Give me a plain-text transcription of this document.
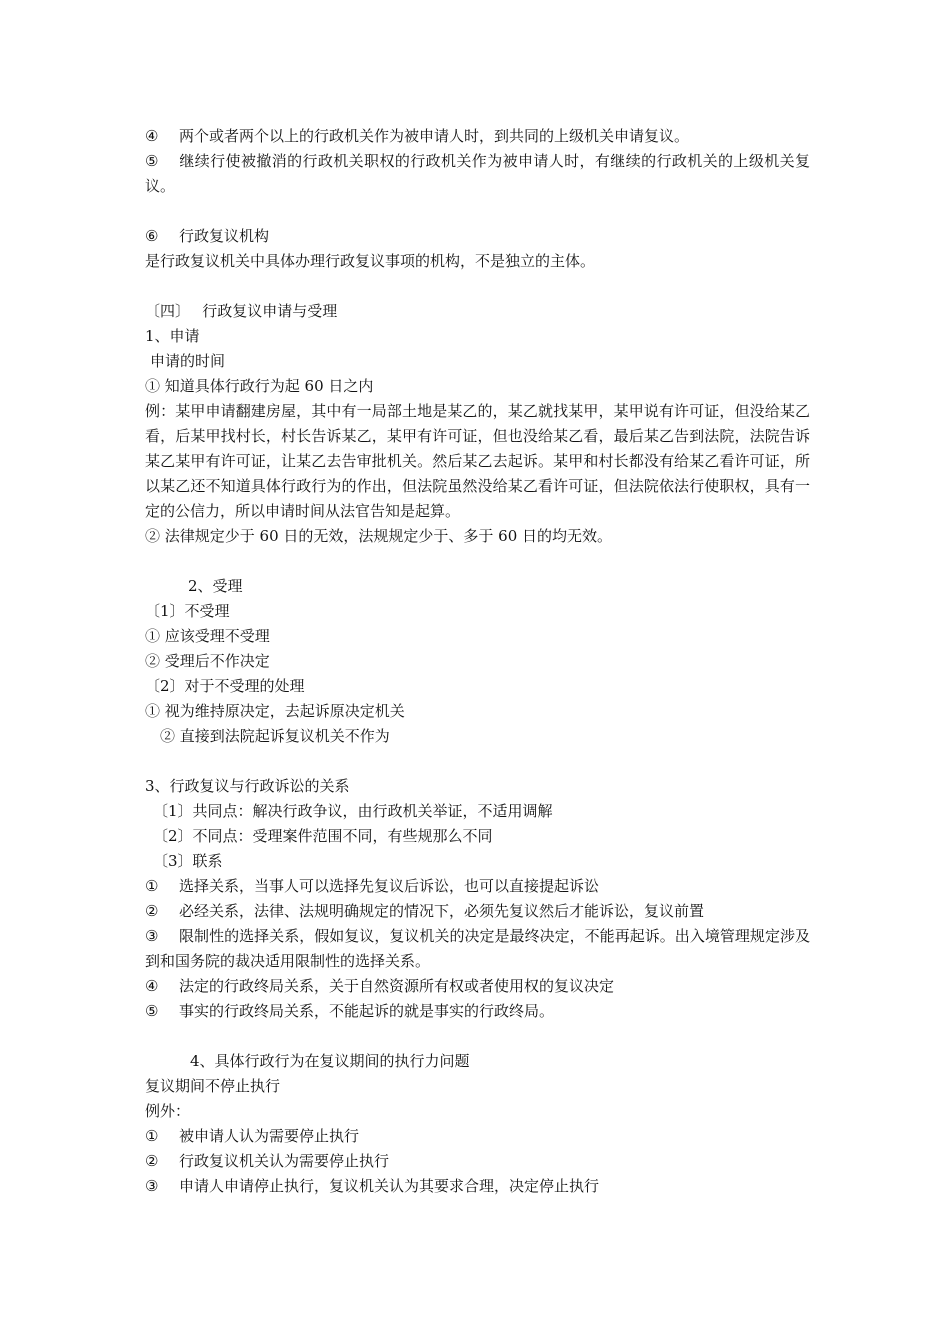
④ 两个或者两个以上的行政机关作为被申请人时，到共同的上级机关申请复议。
⑤ 继续行使被撤消的行政机关职权的行政机关作为被申请人时，有继续的行政机关的上级机关复议。
⑥ 行政复议机构
是行政复议机关中具体办理行政复议事项的机构，不是独立的主体。
〔四〕　 行政复议申请与受理
1、申请
申请的时间
① 知道具体行政行为起 60 日之内
例：某甲申请翻建房屋，其中有一局部土地是某乙的，某乙就找某甲，某甲说有许可证，但没给某乙看，后某甲找村长，村长告诉某乙，某甲有许可证，但也没给某乙看，最后某乙告到法院，法院告诉某乙某甲有许可证，让某乙去告审批机关。然后某乙去起诉。某甲和村长都没有给某乙看许可证，所以某乙还不知道具体行政行为的作出，但法院虽然没给某乙看许可证，但法院依法行使职权，具有一定的公信力，所以申请时间从法官告知是起算。
② 法律规定少于 60 日的无效，法规规定少于、多于 60 日的均无效。
2、受理
〔1〕不受理
① 应该受理不受理
② 受理后不作决定
〔2〕对于不受理的处理
① 视为维持原决定，去起诉原决定机关
② 直接到法院起诉复议机关不作为
3、行政复议与行政诉讼的关系
〔1〕共同点：解决行政争议，由行政机关举证，不适用调解
〔2〕不同点：受理案件范围不同，有些规那么不同
〔3〕联系
① 选择关系，当事人可以选择先复议后诉讼，也可以直接提起诉讼
② 必经关系，法律、法规明确规定的情况下，必须先复议然后才能诉讼，复议前置
③ 限制性的选择关系，假如复议，复议机关的决定是最终决定，不能再起诉。出入境管理规定涉及到和国务院的裁决适用限制性的选择关系。
④ 法定的行政终局关系，关于自然资源所有权或者使用权的复议决定
⑤ 事实的行政终局关系，不能起诉的就是事实的行政终局。
4、具体行政行为在复议期间的执行力问题
复议期间不停止执行
例外：
① 被申请人认为需要停止执行
② 行政复议机关认为需要停止执行
③ 申请人申请停止执行，复议机关认为其要求合理，决定停止执行
